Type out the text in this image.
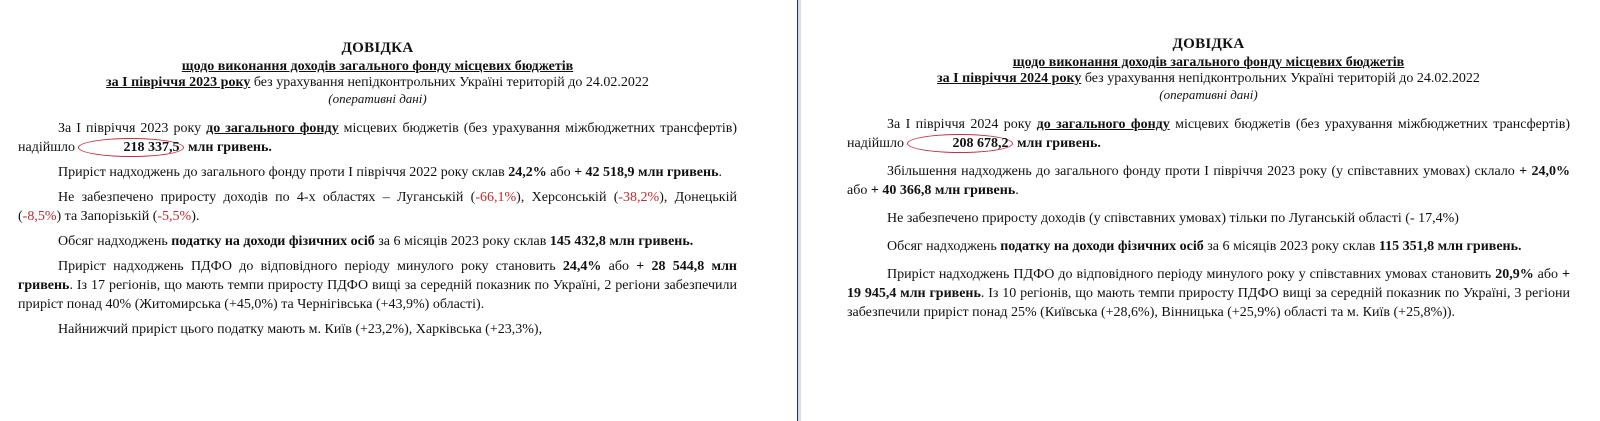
ДОВІДКА
щодо виконання доходів загального фонду місцевих бюджетів
за І півріччя 2023 року без урахування непідконтрольних Україні територій до 24.02.2022
(оперативні дані)

За І півріччя 2023 року до загального фонду місцевих бюджетів (без урахування міжбюджетних трансфертів) надійшло	218 337,5 млн гривень.

Приріст надходжень до загального фонду проти І півріччя 2022 року склав 24,2% або + 42 518,9 млн гривень.

Не забезпечено приросту доходів по 4-х областях – Луганській (-66,1%), Херсонській (-38,2%), Донецькій (-8,5%) та Запорізькій (-5,5%).

Обсяг надходжень податку на доходи фізичних осіб за 6 місяців 2023 року склав 145 432,8 млн гривень.

Приріст надходжень ПДФО до відповідного періоду минулого року становить 24,4% або + 28 544,8 млн гривень. Із 17 регіонів, що мають темпи приросту ПДФО вищі за середній показник по Україні, 2 регіони забезпечили приріст понад 40% (Житомирська (+45,0%) та Чернігівська (+43,9%) області).

Найнижчий приріст цього податку мають м. Київ (+23,2%), Харківська (+23,3%),

ДОВІДКА
щодо виконання доходів загального фонду місцевих бюджетів
за І півріччя 2024 року без урахування непідконтрольних Україні територій до 24.02.2022
(оперативні дані)

За І півріччя 2024 року до загального фонду місцевих бюджетів (без урахування міжбюджетних трансфертів) надійшло	208 678,2 млн гривень.

Збільшення надходжень до загального фонду проти І півріччя 2023 року (у співставних умовах) склало + 24,0% або + 40 366,8 млн гривень.

Не забезпечено приросту доходів (у співставних умовах) тільки по Луганській області (- 17,4%)

Обсяг надходжень податку на доходи фізичних осіб за 6 місяців 2023 року склав 115 351,8 млн гривень.

Приріст надходжень ПДФО до відповідного періоду минулого року у співставних умовах становить 20,9% або + 19 945,4 млн гривень. Із 10 регіонів, що мають темпи приросту ПДФО вищі за середній показник по Україні, 3 регіони забезпечили приріст понад 25% (Київська (+28,6%), Вінницька (+25,9%) області та м. Київ (+25,8%)).
